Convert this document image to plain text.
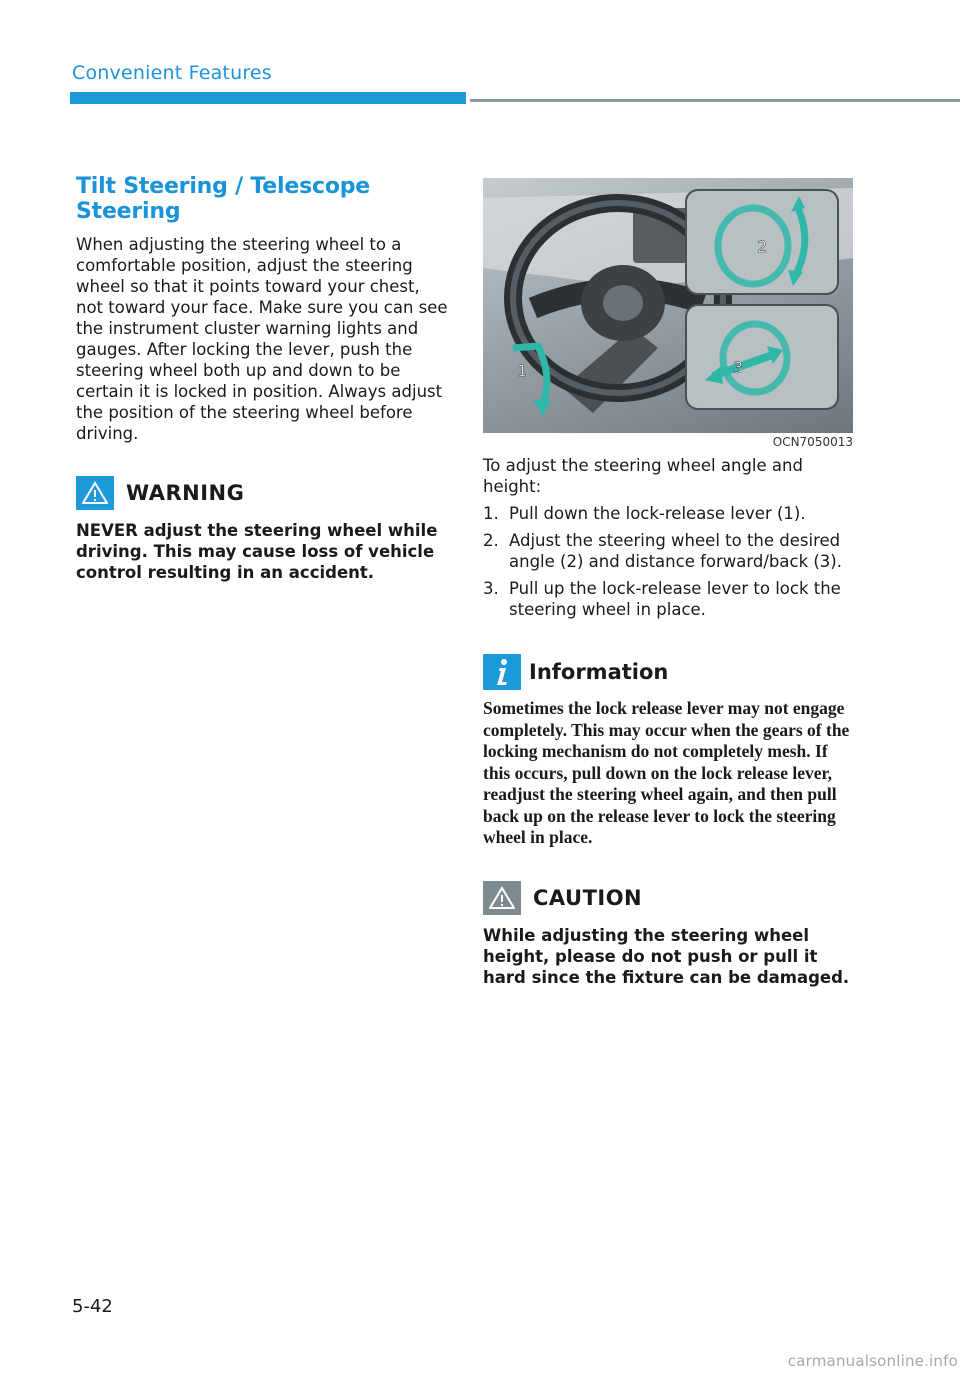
Convenient Features
Tilt Steering / Telescope Steering

When adjusting the steering wheel to a comfortable position, adjust the steering wheel so that it points toward your chest, not toward your face. Make sure you can see the instrument cluster warning lights and gauges. After locking the lever, push the steering wheel both up and down to be certain it is locked in position. Always adjust the position of the steering wheel before driving.

WARNING

NEVER adjust the steering wheel while driving. This may cause loss of vehicle control resulting in an accident.

1
2
3
OCN7050013

To adjust the steering wheel angle and height:

1. Pull down the lock-release lever (1).
2. Adjust the steering wheel to the desired angle (2) and distance forward/back (3).
3. Pull up the lock-release lever to lock the steering wheel in place.
Information

Sometimes the lock release lever may not engage completely. This may occur when the gears of the locking mechanism do not completely mesh. If this occurs, pull down on the lock release lever, readjust the steering wheel again, and then pull back up on the release lever to lock the steering wheel in place.

CAUTION

While adjusting the steering wheel height, please do not push or pull it hard since the fixture can be damaged.

5-42
carmanualsonline.info
